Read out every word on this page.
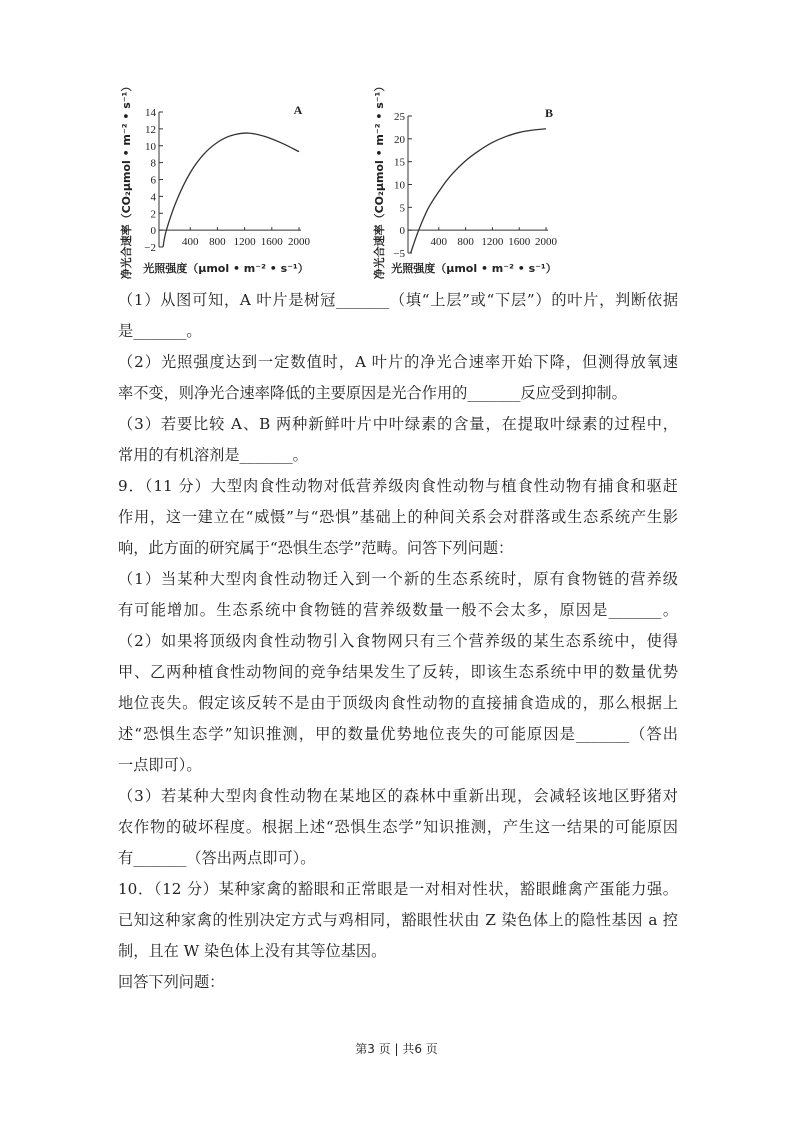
−2
0
2
4
6
8
10
12
14
400 800 1200 1600 2000
A
光照强度（μmol • m⁻² • s⁻¹）
净光合速率（CO₂μmol • m⁻² • s⁻¹）	−5
0
5
10
15
20
25
400 800 1200 1600 2000
B
光照强度（μmol • m⁻² • s⁻¹）
净光合速率（CO₂μmol • m⁻² • s⁻¹）
（1）从图可知，A 叶片是树冠_______（填“上层”或“下层”）的叶片，判断依据
是_______。
（2）光照强度达到一定数值时，A 叶片的净光合速率开始下降，但测得放氧速
率不变，则净光合速率降低的主要原因是光合作用的_______反应受到抑制。
（3）若要比较 A、B 两种新鲜叶片中叶绿素的含量，在提取叶绿素的过程中，
常用的有机溶剂是_______。
9．（11 分）大型肉食性动物对低营养级肉食性动物与植食性动物有捕食和驱赶
作用，这一建立在“威慑”与“恐惧”基础上的种间关系会对群落或生态系统产生影
响，此方面的研究属于“恐惧生态学”范畴。问答下列问题：
（1）当某种大型肉食性动物迁入到一个新的生态系统时，原有食物链的营养级
有可能增加。生态系统中食物链的营养级数量一般不会太多，原因是_______。
（2）如果将顶级肉食性动物引入食物网只有三个营养级的某生态系统中，使得
甲、乙两种植食性动物间的竞争结果发生了反转，即该生态系统中甲的数量优势
地位丧失。假定该反转不是由于顶级肉食性动物的直接捕食造成的，那么根据上
述“恐惧生态学”知识推测，甲的数量优势地位丧失的可能原因是_______（答出
一点即可）。
（3）若某种大型肉食性动物在某地区的森林中重新出现，会减轻该地区野猪对
农作物的破坏程度。根据上述“恐惧生态学”知识推测，产生这一结果的可能原因
有_______（答出两点即可）。
10．（12 分）某种家禽的豁眼和正常眼是一对相对性状，豁眼雌禽产蛋能力强。
已知这种家禽的性别决定方式与鸡相同，豁眼性状由 Z 染色体上的隐性基因 a 控
制，且在 W 染色体上没有其等位基因。
回答下列问题：
第3 页 | 共6 页
